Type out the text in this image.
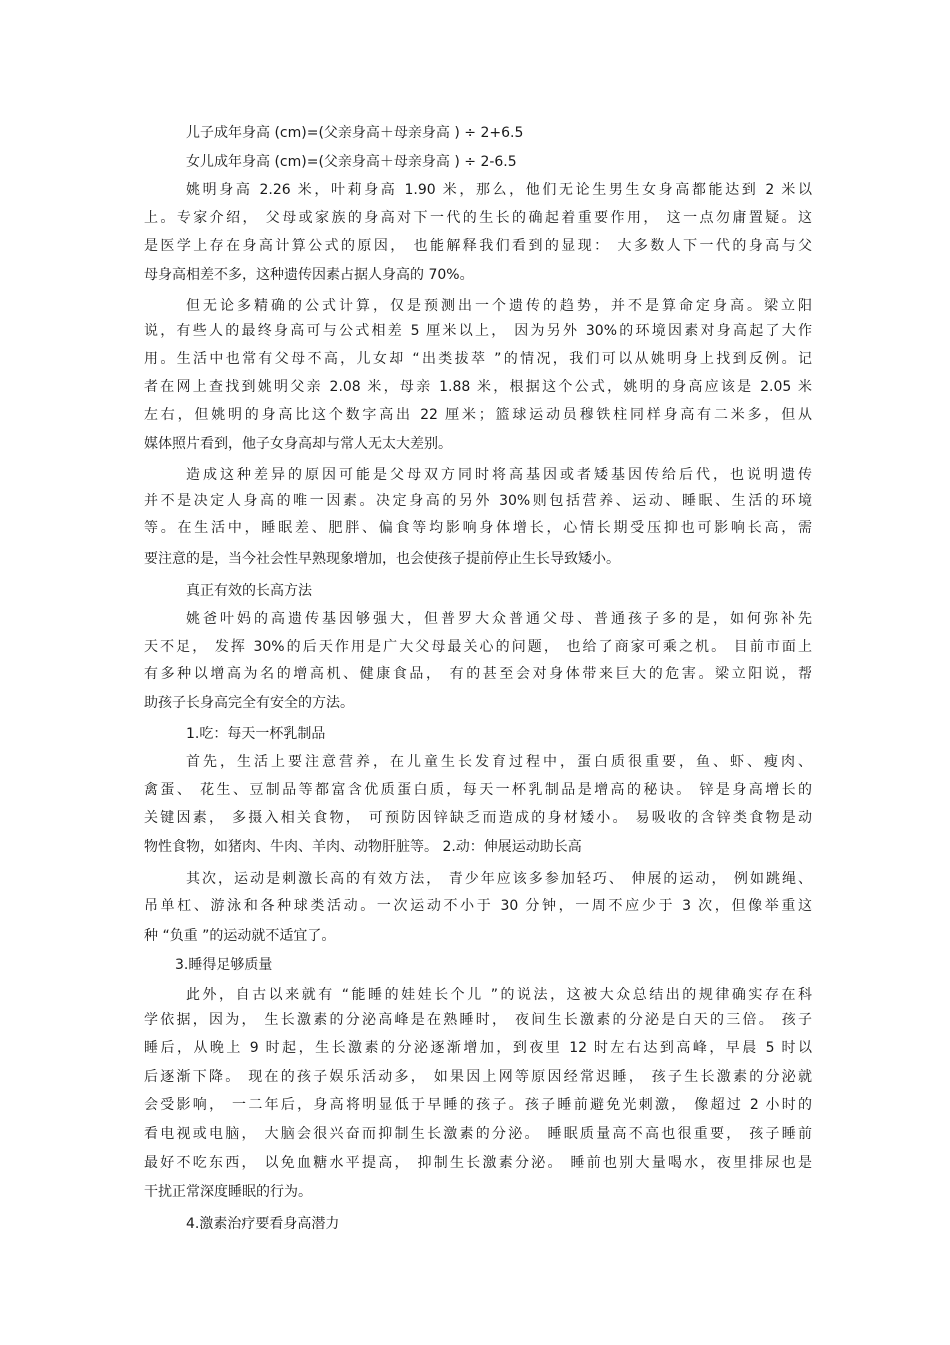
儿子成年身高 (cm)=(父亲身高＋母亲身高 ) ÷ 2+6.5
女儿成年身高 (cm)=(父亲身高＋母亲身高 ) ÷ 2-6.5
姚明身高 2.26 米，叶莉身高 1.90 米，那么，他们无论生男生女身高都能达到 2 米以
上。专家介绍， 父母或家族的身高对下一代的生长的确起着重要作用， 这一点勿庸置疑。这
是医学上存在身高计算公式的原因， 也能解释我们看到的显现： 大多数人下一代的身高与父
母身高相差不多，这种遗传因素占据人身高的 70%。
但无论多精确的公式计算，仅是预测出一个遗传的趋势，并不是算命定身高。梁立阳
说，有些人的最终身高可与公式相差 5 厘米以上， 因为另外 30%的环境因素对身高起了大作
用。生活中也常有父母不高，儿女却 “出类拔萃 ”的情况，我们可以从姚明身上找到反例。记
者在网上查找到姚明父亲 2.08 米，母亲 1.88 米，根据这个公式，姚明的身高应该是 2.05 米
左右，但姚明的身高比这个数字高出 22 厘米；篮球运动员穆铁柱同样身高有二米多，但从
媒体照片看到，他子女身高却与常人无太大差别。
造成这种差异的原因可能是父母双方同时将高基因或者矮基因传给后代，也说明遗传
并不是决定人身高的唯一因素。决定身高的另外 30%则包括营养、运动、睡眠、生活的环境
等。在生活中，睡眠差、肥胖、偏食等均影响身体增长，心情长期受压抑也可影响长高，需
要注意的是，当今社会性早熟现象增加，也会使孩子提前停止生长导致矮小。
真正有效的长高方法
姚爸叶妈的高遗传基因够强大，但普罗大众普通父母、普通孩子多的是，如何弥补先
天不足， 发挥 30%的后天作用是广大父母最关心的问题， 也给了商家可乘之机。 目前市面上
有多种以增高为名的增高机、健康食品， 有的甚至会对身体带来巨大的危害。梁立阳说，帮
助孩子长身高完全有安全的方法。
1.吃：每天一杯乳制品
首先，生活上要注意营养，在儿童生长发育过程中，蛋白质很重要，鱼、虾、瘦肉、
禽蛋、 花生、豆制品等都富含优质蛋白质，每天一杯乳制品是增高的秘诀。 锌是身高增长的
关键因素， 多摄入相关食物， 可预防因锌缺乏而造成的身材矮小。 易吸收的含锌类食物是动
物性食物，如猪肉、牛肉、羊肉、动物肝脏等。 2.动：伸展运动助长高
其次，运动是刺激长高的有效方法， 青少年应该多参加轻巧、 伸展的运动， 例如跳绳、
吊单杠、游泳和各种球类活动。一次运动不小于 30 分钟，一周不应少于 3 次，但像举重这
种 “负重 ”的运动就不适宜了。
3.睡得足够质量
此外，自古以来就有 “能睡的娃娃长个儿 ”的说法，这被大众总结出的规律确实存在科
学依据，因为， 生长激素的分泌高峰是在熟睡时， 夜间生长激素的分泌是白天的三倍。 孩子
睡后，从晚上 9 时起，生长激素的分泌逐渐增加，到夜里 12 时左右达到高峰，早晨 5 时以
后逐渐下降。 现在的孩子娱乐活动多， 如果因上网等原因经常迟睡， 孩子生长激素的分泌就
会受影响， 一二年后，身高将明显低于早睡的孩子。孩子睡前避免光刺激， 像超过 2 小时的
看电视或电脑， 大脑会很兴奋而抑制生长激素的分泌。 睡眠质量高不高也很重要， 孩子睡前
最好不吃东西， 以免血糖水平提高， 抑制生长激素分泌。 睡前也别大量喝水，夜里排尿也是
干扰正常深度睡眠的行为。
4.激素治疗要看身高潜力
